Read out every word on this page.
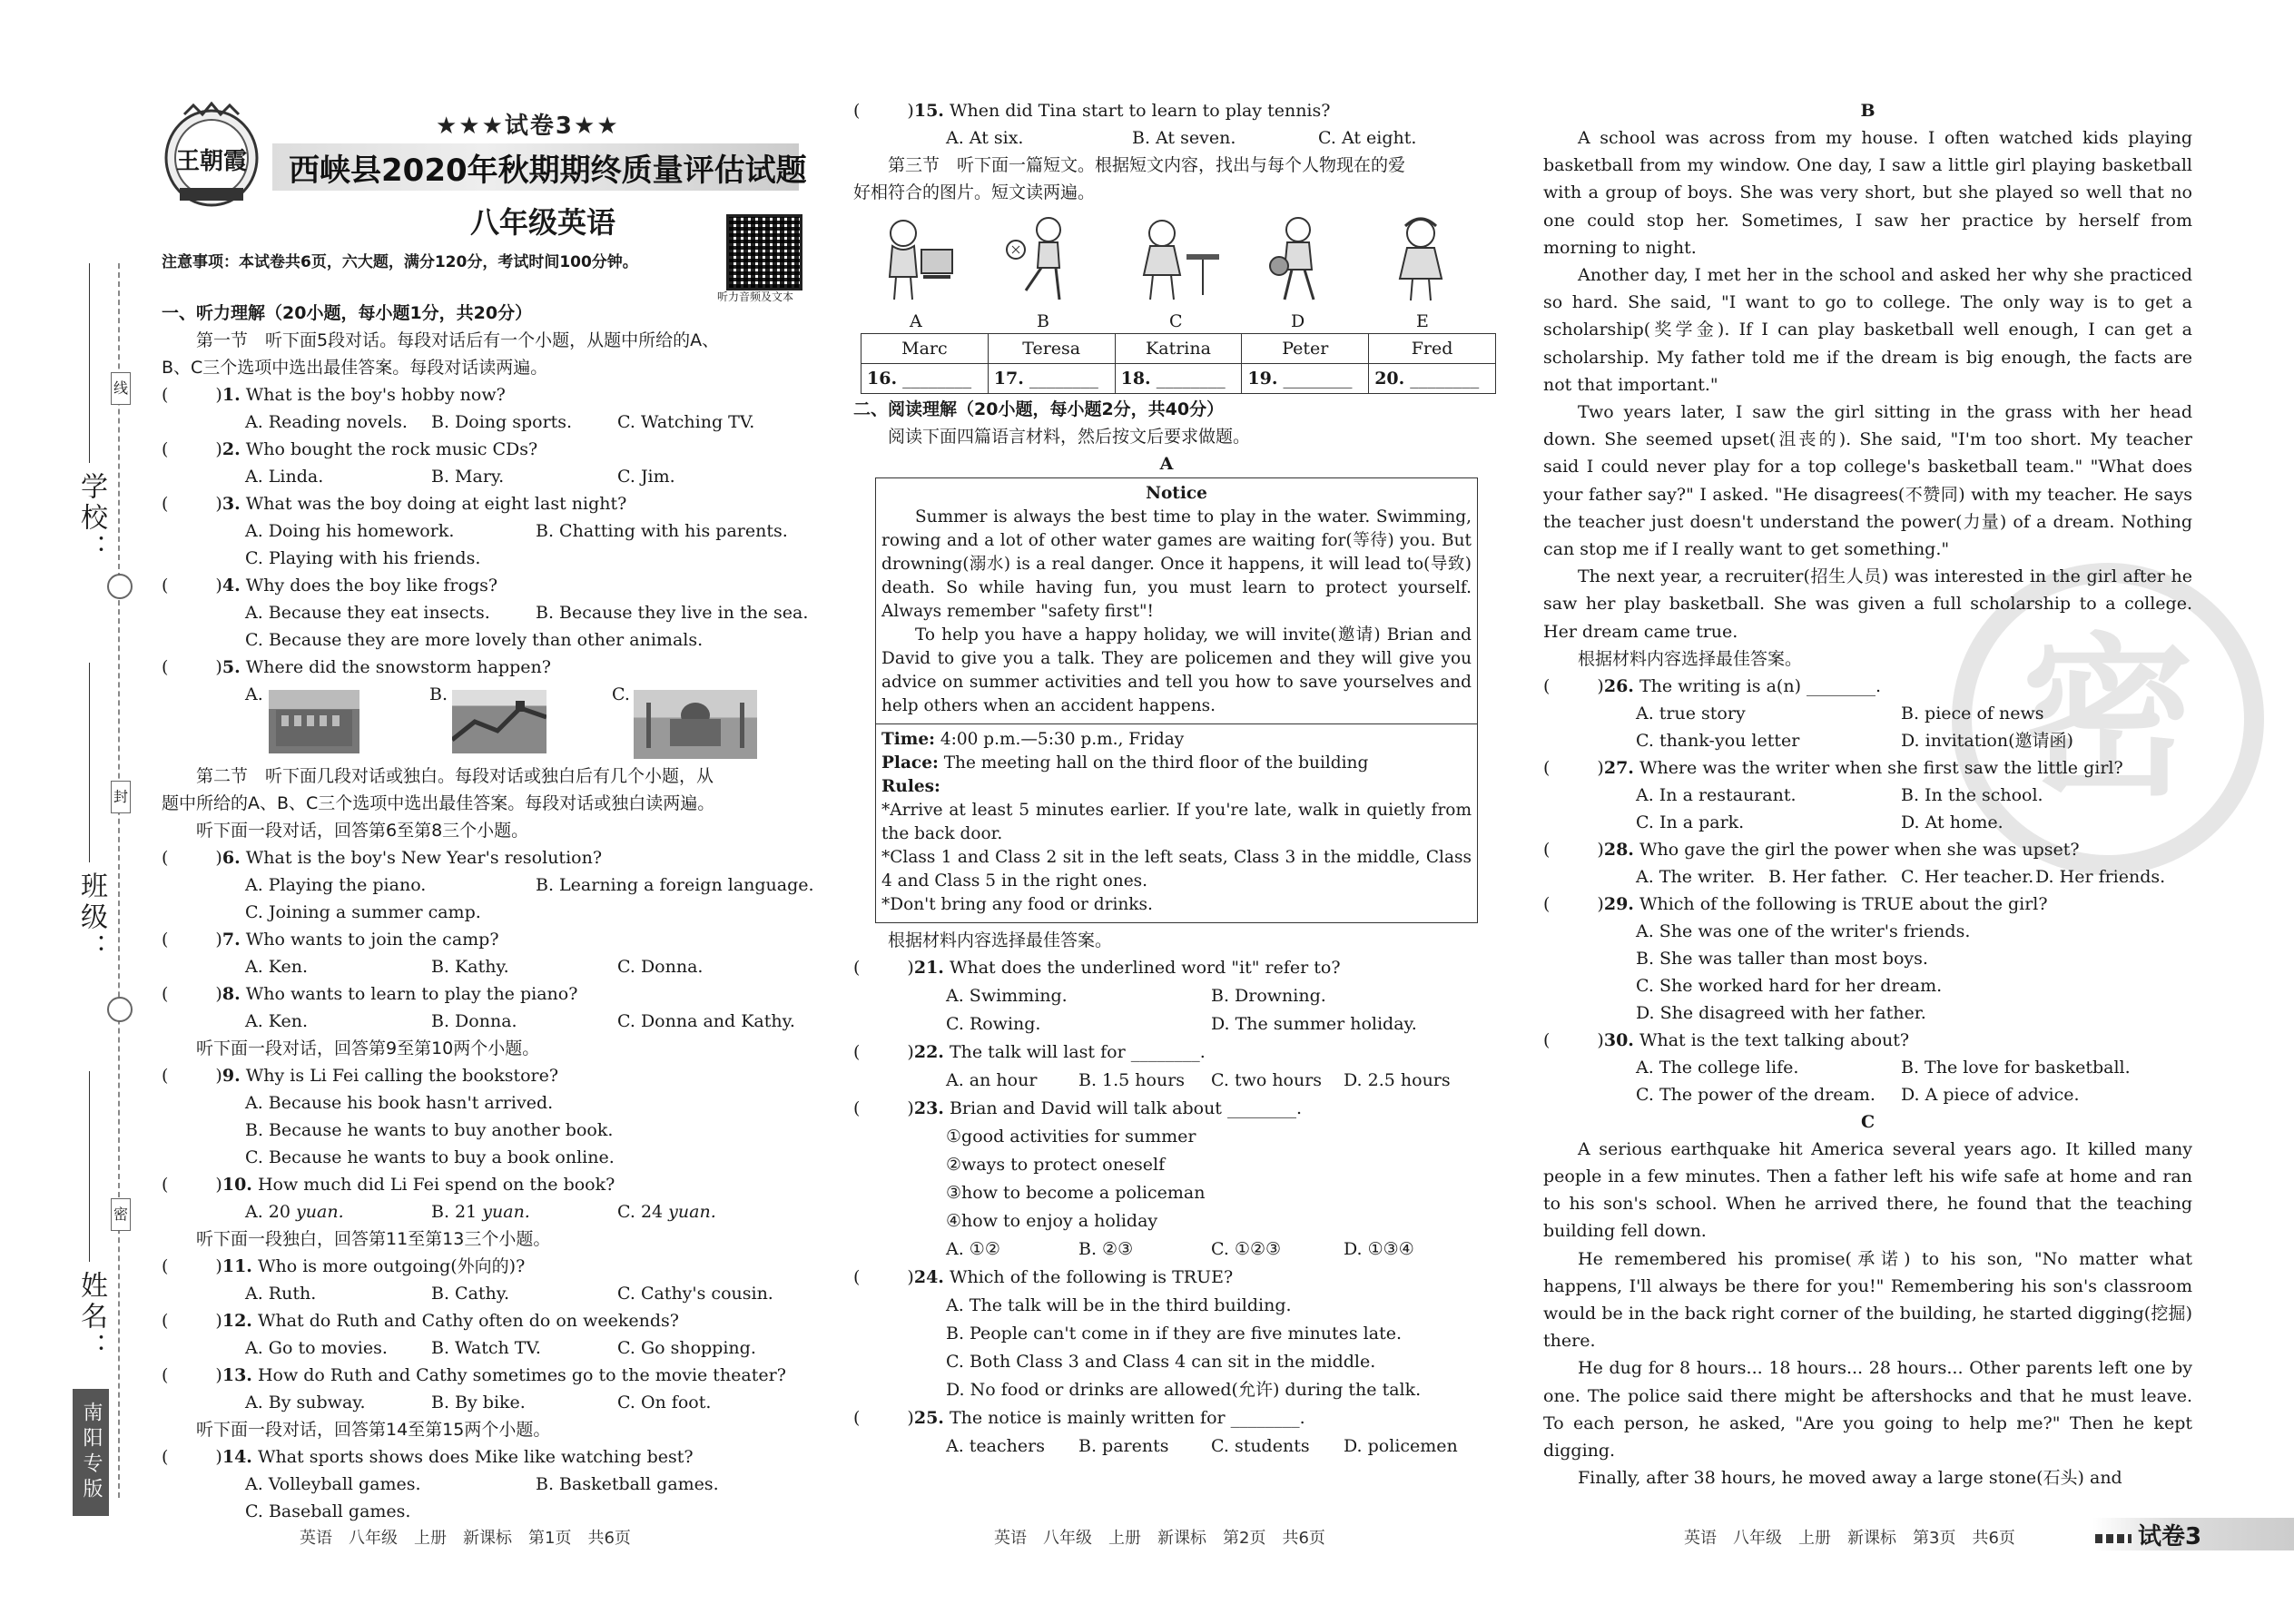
线
封
密
学校：
班级：
姓名：
南阳专版
王朝霞
★★★试卷3★★
西峡县2020年秋期期终质量评估试题
八年级英语
注意事项：本试卷共6页，六大题，满分120分，考试时间100分钟。
听力音频及文本
一、听力理解（20小题，每小题1分，共20分）
第一节　听下面5段对话。每段对话后有一个小题，从题中所给的A、
B、C三个选项中选出最佳答案。每段对话读两遍。
(	)1. What is the boy's hobby now?
A. Reading novels. B. Doing sports.	C. Watching TV.
(	)2. Who bought the rock music CDs?
A. Linda.	B. Mary.	C. Jim.
(	)3. What was the boy doing at eight last night?
A. Doing his homework.	B. Chatting with his parents.
C. Playing with his friends.
(	)4. Why does the boy like frogs?
A. Because they eat insects.	B. Because they live in the sea.
C. Because they are more lovely than other animals.
(	)5. Where did the snowstorm happen?
A.	B.	C.
第二节　听下面几段对话或独白。每段对话或独白后有几个小题，从
题中所给的A、B、C三个选项中选出最佳答案。每段对话或独白读两遍。
听下面一段对话，回答第6至第8三个小题。
(	)6. What is the boy's New Year's resolution?
A. Playing the piano.	B. Learning a foreign language.
C. Joining a summer camp.
(	)7. Who wants to join the camp?
A. Ken.	B. Kathy.	C. Donna.
(	)8. Who wants to learn to play the piano?
A. Ken.	B. Donna.	C. Donna and Kathy.
听下面一段对话，回答第9至第10两个小题。
(	)9. Why is Li Fei calling the bookstore?
A. Because his book hasn't arrived.
B. Because he wants to buy another book.
C. Because he wants to buy a book online.
(	)10. How much did Li Fei spend on the book?
A. 20 yuan.	B. 21 yuan.	C. 24 yuan.
听下面一段独白，回答第11至第13三个小题。
(	)11. Who is more outgoing(外向的)?
A. Ruth.	B. Cathy.	C. Cathy's cousin.
(	)12. What do Ruth and Cathy often do on weekends?
A. Go to movies.	B. Watch TV.	C. Go shopping.
(	)13. How do Ruth and Cathy sometimes go to the movie theater?
A. By subway.	B. By bike.	C. On foot.
听下面一段对话，回答第14至第15两个小题。
(	)14. What sports shows does Mike like watching best?
A. Volleyball games.	B. Basketball games.
C. Baseball games.
(	)15. When did Tina start to learn to play tennis?
A. At six.	B. At seven.	C. At eight.
第三节　听下面一篇短文。根据短文内容，找出与每个人物现在的爱
好相符合的图片。短文读两遍。
A	B	C	D	E
Marc	Teresa	Katrina	Peter	Fred
16. ________	17. ________	18. ________	19. ________	20. ________
二、阅读理解（20小题，每小题2分，共40分）
阅读下面四篇语言材料，然后按文后要求做题。
A
Notice

Summer is always the best time to play in the water. Swimming, rowing and a lot of other water games are waiting for(等待) you. But drowning(溺水) is a real danger. Once it happens, it will lead to(导致) death. So while having fun, you must learn to protect yourself. Always remember "safety first"!

To help you have a happy holiday, we will invite(邀请) Brian and David to give you a talk. They are policemen and they will give you advice on summer activities and tell you how to save yourselves and help others when an accident happens.

Time: 4:00 p.m.—5:30 p.m., Friday
Place: The meeting hall on the third floor of the building
Rules:
*Arrive at least 5 minutes earlier. If you're late, walk in quietly from the back door.
*Class 1 and Class 2 sit in the left seats, Class 3 in the middle, Class 4 and Class 5 in the right ones.
*Don't bring any food or drinks.
根据材料内容选择最佳答案。
(	)21. What does the underlined word "it" refer to?
A. Swimming.	B. Drowning.
C. Rowing.	D. The summer holiday.
(	)22. The talk will last for ________.
A. an hour B. 1.5 hours C. two hours D. 2.5 hours
(	)23. Brian and David will talk about ________.
①good activities for summer
②ways to protect oneself
③how to become a policeman
④how to enjoy a holiday
A. ①②	B. ②③	C. ①②③	D. ①③④
(	)24. Which of the following is TRUE?
A. The talk will be in the third building.
B. People can't come in if they are five minutes late.
C. Both Class 3 and Class 4 can sit in the middle.
D. No food or drinks are allowed(允许) during the talk.
(	)25. The notice is mainly written for ________.
A. teachers B. parents C. students D. policemen
密
B

A school was across from my house. I often watched kids playing basketball from my window. One day, I saw a little girl playing basketball with a group of boys. She was very short, but she played so well that no one could stop her. Sometimes, I saw her practice by herself from morning to night.

Another day, I met her in the school and asked her why she practiced so hard. She said, "I want to go to college. The only way is to get a scholarship(奖学金). If I can play basketball well enough, I can get a scholarship. My father told me if the dream is big enough, the facts are not that important."

Two years later, I saw the girl sitting in the grass with her head down. She seemed upset(沮丧的). She said, "I'm too short. My teacher said I could never play for a top college's basketball team." "What does your father say?" I asked. "He disagrees(不赞同) with my teacher. He says the teacher just doesn't understand the power(力量) of a dream. Nothing can stop me if I really want to get something."

The next year, a recruiter(招生人员) was interested in the girl after he saw her play basketball. She was given a full scholarship to a college. Her dream came true.

根据材料内容选择最佳答案。
(	)26. The writing is a(n) ________.
A. true story	B. piece of news
C. thank-you letter	D. invitation(邀请函)
(	)27. Where was the writer when she first saw the little girl?
A. In a restaurant.	B. In the school.
C. In a park.	D. At home.
(	)28. Who gave the girl the power when she was upset?
A. The writer. B. Her father. C. Her teacher.D. Her friends.
(	)29. Which of the following is TRUE about the girl?
A. She was one of the writer's friends.
B. She was taller than most boys.
C. She worked hard for her dream.
D. She disagreed with her father.
(	)30. What is the text talking about?
A. The college life.	B. The love for basketball.
C. The power of the dream. D. A piece of advice.
C

A serious earthquake hit America several years ago. It killed many people in a few minutes. Then a father left his wife safe at home and ran to his son's school. When he arrived there, he found that the teaching building fell down.

He remembered his promise(承诺) to his son, "No matter what happens, I'll always be there for you!" Remembering his son's classroom would be in the back right corner of the building, he started digging(挖掘) there.

He dug for 8 hours... 18 hours... 28 hours... Other parents left one by one. The police said there might be aftershocks and that he must leave. To each person, he asked, "Are you going to help me?" Then he kept digging.

Finally, after 38 hours, he moved away a large stone(石头) and

英语　八年级　上册　新课标　第1页　共6页	英语　八年级　上册　新课标　第2页　共6页	英语　八年级　上册　新课标　第3页　共6页	试卷3
